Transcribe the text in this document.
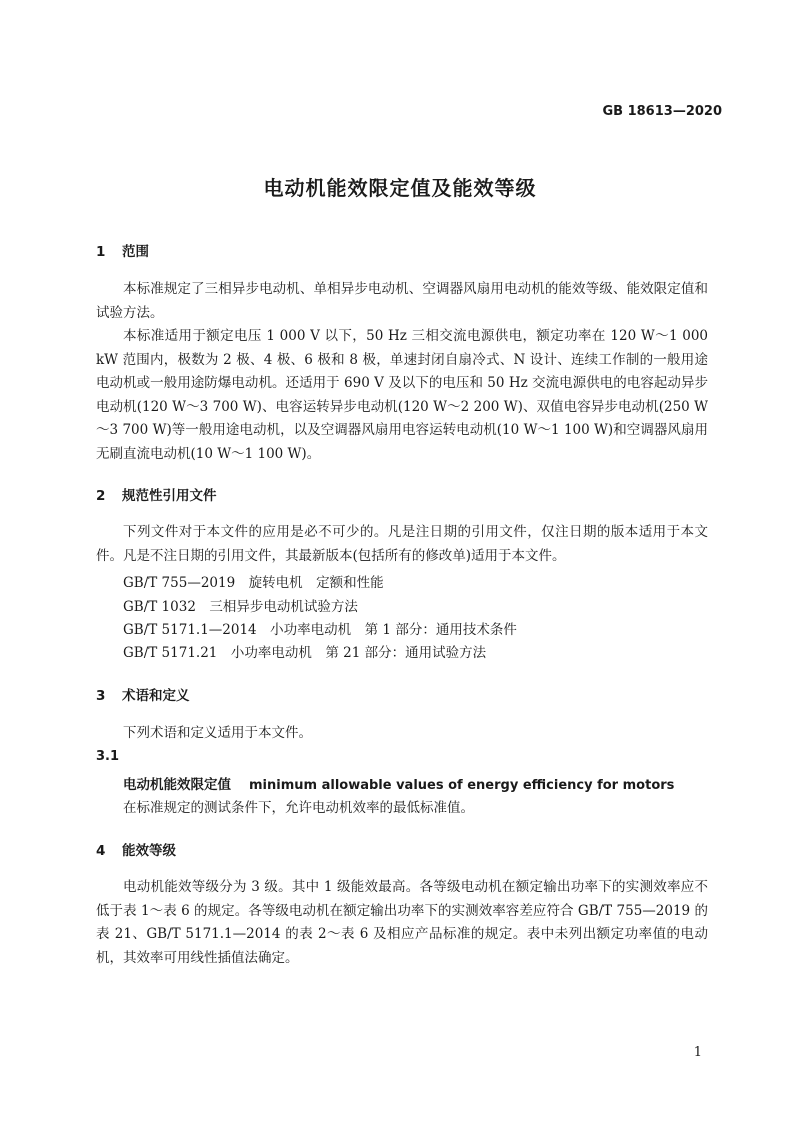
GB 18613—2020
电动机能效限定值及能效等级
1 范围

本标准规定了三相异步电动机、单相异步电动机、空调器风扇用电动机的能效等级、能效限定值和试验方法。

本标准适用于额定电压 1 000 V 以下，50 Hz 三相交流电源供电，额定功率在 120 W～1 000 kW 范围内，极数为 2 极、4 极、6 极和 8 极，单速封闭自扇冷式、N 设计、连续工作制的一般用途电动机或一般用途防爆电动机。还适用于 690 V 及以下的电压和 50 Hz 交流电源供电的电容起动异步电动机(120 W～3 700 W)、电容运转异步电动机(120 W～2 200 W)、双值电容异步电动机(250 W～3 700 W)等一般用途电动机，以及空调器风扇用电容运转电动机(10 W～1 100 W)和空调器风扇用无刷直流电动机(10 W～1 100 W)。

2 规范性引用文件

下列文件对于本文件的应用是必不可少的。凡是注日期的引用文件，仅注日期的版本适用于本文件。凡是不注日期的引用文件，其最新版本(包括所有的修改单)适用于本文件。

GB/T 755—2019　旋转电机　定额和性能
GB/T 1032　三相异步电动机试验方法
GB/T 5171.1—2014　小功率电动机　第 1 部分：通用技术条件
GB/T 5171.21　小功率电动机　第 21 部分：通用试验方法
3 术语和定义

下列术语和定义适用于本文件。

3.1
电动机能效限定值 minimum allowable values of energy efficiency for motors
在标准规定的测试条件下，允许电动机效率的最低标准值。
4 能效等级

电动机能效等级分为 3 级。其中 1 级能效最高。各等级电动机在额定输出功率下的实测效率应不低于表 1～表 6 的规定。各等级电动机在额定输出功率下的实测效率容差应符合 GB/T 755—2019 的表 21、GB/T 5171.1—2014 的表 2～表 6 及相应产品标准的规定。表中未列出额定功率值的电动机，其效率可用线性插值法确定。

1
